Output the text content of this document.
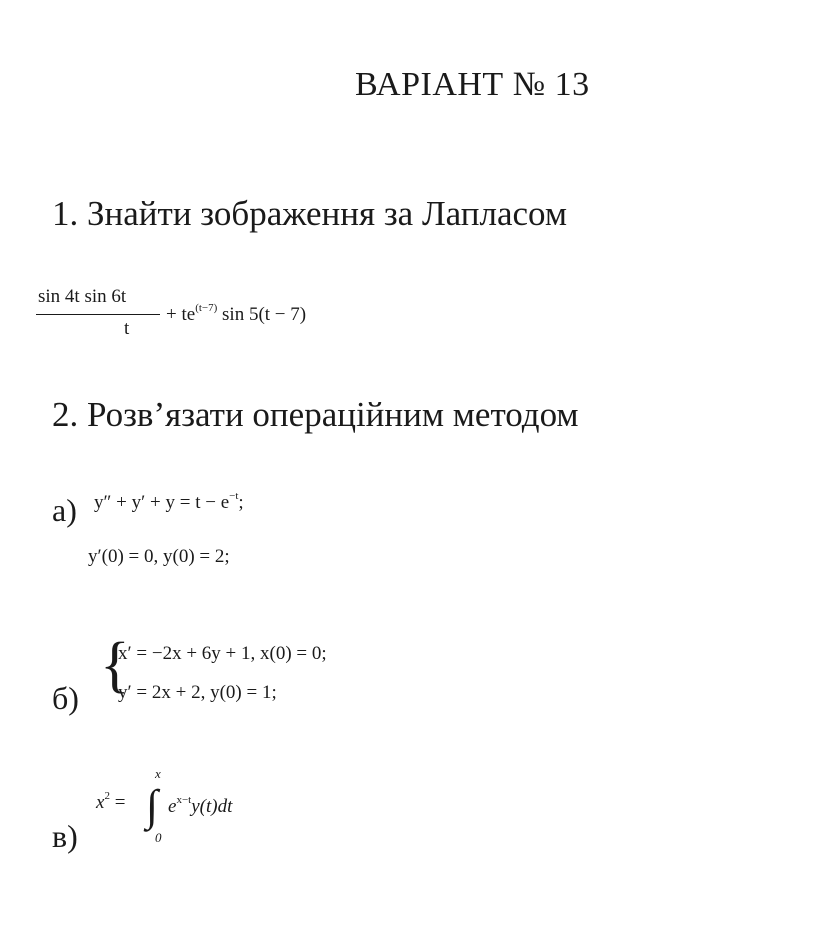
ВАРІАНТ № 13
1. Знайти зображення за Лапласом
sin 4t sin 6t
t
+ $te^{(t-7)}$ sin 5(t − 7)
2. Розв’язати операційним методом
а) $y'' + y' + y = t - e^{-t}$;
y′(0) = 0, y(0) = 2;
б) {
x′ = −2x + 6y + 1, x(0) = 0;
y′ = 2x + 2, y(0) = 1;
в)
$x^2$ =
x
∫
0
$e^{x-t}y(t)dt$
